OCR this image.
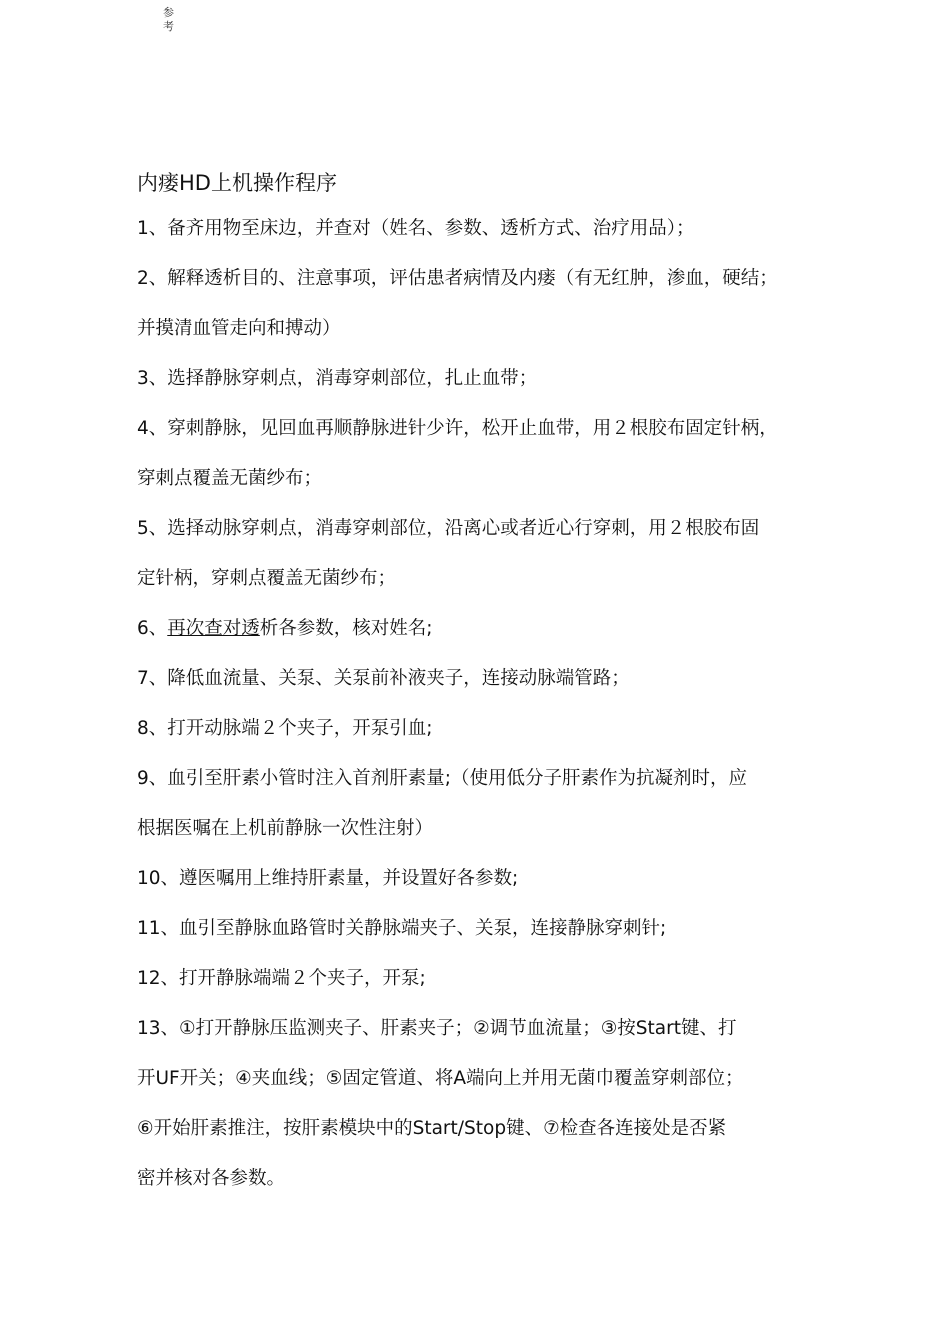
参
考
内瘘HD上机操作程序
1、备齐用物至床边，并查对（姓名、参数、透析方式、治疗用品）；
2、解释透析目的、注意事项，评估患者病情及内瘘（有无红肿，渗血，硬结；
并摸清血管走向和搏动）
3、选择静脉穿刺点，消毒穿刺部位，扎止血带；
4、穿刺静脉，见回血再顺静脉进针少许，松开止血带，用２根胶布固定针柄，
穿刺点覆盖无菌纱布；
5、选择动脉穿刺点，消毒穿刺部位，沿离心或者近心行穿刺，用２根胶布固
定针柄，穿刺点覆盖无菌纱布；
6、再次查对透析各参数，核对姓名;
7、降低血流量、关泵、关泵前补液夹子，连接动脉端管路；
8、打开动脉端２个夹子，开泵引血;
9、血引至肝素小管时注入首剂肝素量;（使用低分子肝素作为抗凝剂时，应
根据医嘱在上机前静脉一次性注射）
10、遵医嘱用上维持肝素量，并设置好各参数;
11、血引至静脉血路管时关静脉端夹子、关泵，连接静脉穿刺针;
12、打开静脉端端２个夹子，开泵;
13、①打开静脉压监测夹子、肝素夹子；②调节血流量；③按Start键、打
开UF开关；④夹血线；⑤固定管道、将A端向上并用无菌巾覆盖穿刺部位；
⑥开始肝素推注，按肝素模块中的Start/Stop键、⑦检查各连接处是否紧
密并核对各参数。
